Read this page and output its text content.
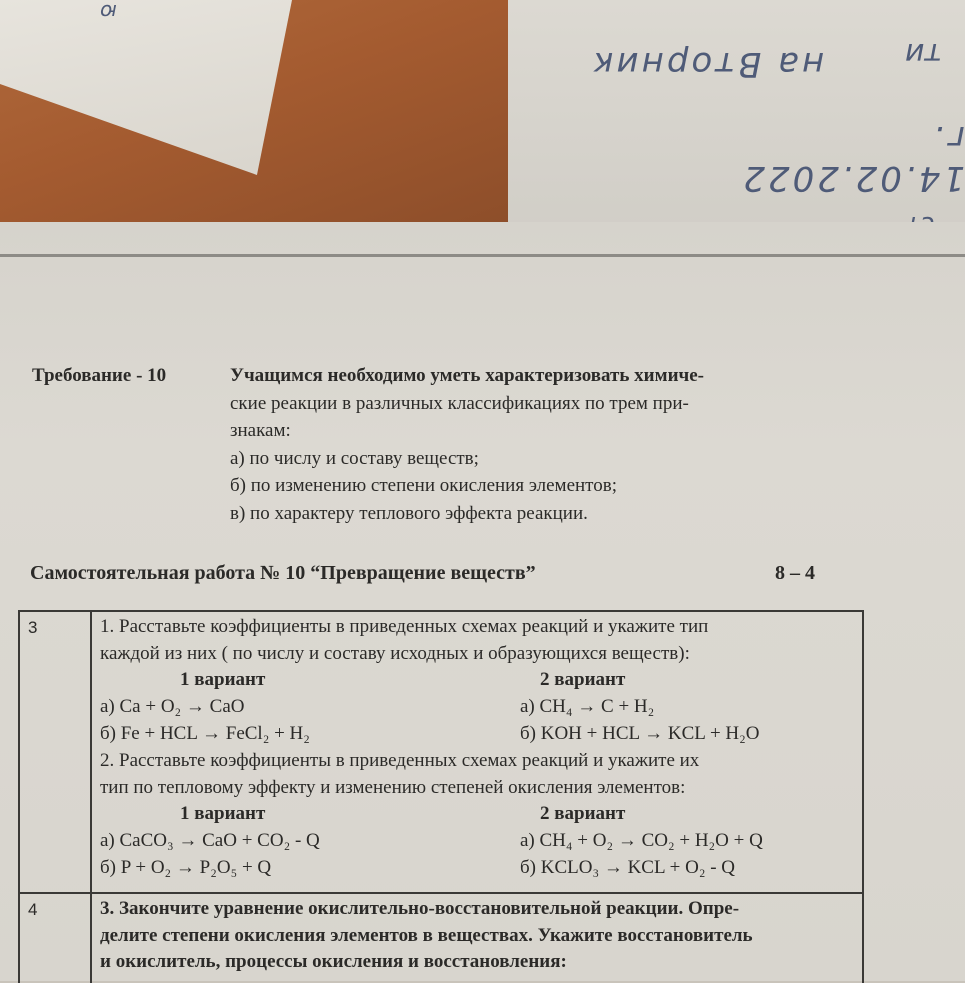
на Вторник
14.02.2022 г.
ти
ю
Требование - 10	Учащимся необходимо уметь характеризовать химиче-
ские реакции в различных классификациях по трем при-
знакам:
а) по числу и составу веществ;
б) по изменению степени окисления элементов;
в) по характеру теплового эффекта реакции.
Самостоятельная работа № 10 “Превращение веществ”	8 – 4
3	1. Расставьте коэффициенты в приведенных схемах реакций и укажите тип
каждой из них ( по числу и составу исходных и образующихся веществ):
1 вариант	2 вариант
а) Ca + O₂ → CaO	а) CH₄ → C + H₂
б) Fe + HCL → FeCl₂ + H₂	б) KOH + HCL → KCL + H₂O
2. Расставьте коэффициенты в приведенных схемах реакций и укажите их
тип по тепловому эффекту и изменению степеней окисления элементов:
1 вариант	2 вариант
а) CaCO₃ → CaO + CO₂ - Q	а) CH₄ + O₂ → CO₂ + H₂O + Q
б) P + O₂ → P₂O₅ + Q	б) KCLO₃ → KCL + O₂ - Q
4	3. Закончите уравнение окислительно-восстановительной реакции. Опре-
делите степени окисления элементов в веществах. Укажите восстановитель
и окислитель, процессы окисления и восстановления:
